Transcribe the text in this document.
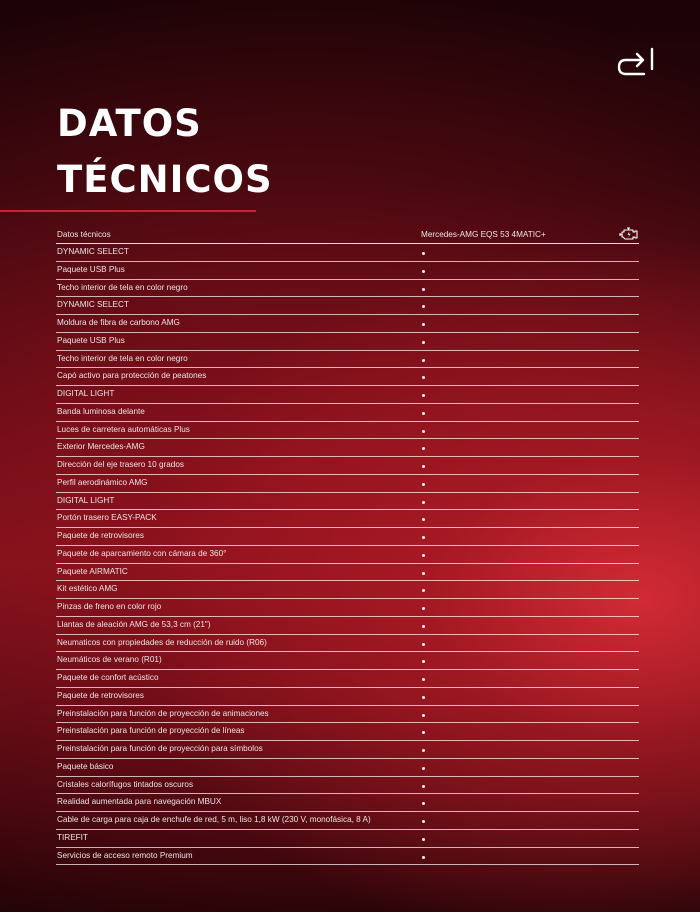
DATOS
TÉCNICOS
Datos técnicos	Mercedes-AMG EQS 53 4MATIC+
DYNAMIC SELECT
Paquete USB Plus
Techo interior de tela en color negro
DYNAMIC SELECT
Moldura de fibra de carbono AMG
Paquete USB Plus
Techo interior de tela en color negro
Capó activo para protección de peatones
DIGITAL LIGHT
Banda luminosa delante
Luces de carretera automáticas Plus
Exterior Mercedes-AMG
Dirección del eje trasero 10 grados
Perfil aerodinámico AMG
DIGITAL LIGHT
Portón trasero EASY-PACK
Paquete de retrovisores
Paquete de aparcamiento con cámara de 360°
Paquete AIRMATIC
Kit estético AMG
Pinzas de freno en color rojo
Llantas de aleación AMG de 53,3 cm (21")
Neumaticos con propiedades de reducción de ruido (R06)
Neumáticos de verano (R01)
Paquete de confort acústico
Paquete de retrovisores
Preinstalación para función de proyección de animaciones
Preinstalación para función de proyección de líneas
Preinstalación para función de proyección para símbolos
Paquete básico
Cristales calorífugos tintados oscuros
Realidad aumentada para navegación MBUX
Cable de carga para caja de enchufe de red, 5 m, liso 1,8 kW (230 V, monofásica, 8 A)
TIREFIT
Servicios de acceso remoto Premium
